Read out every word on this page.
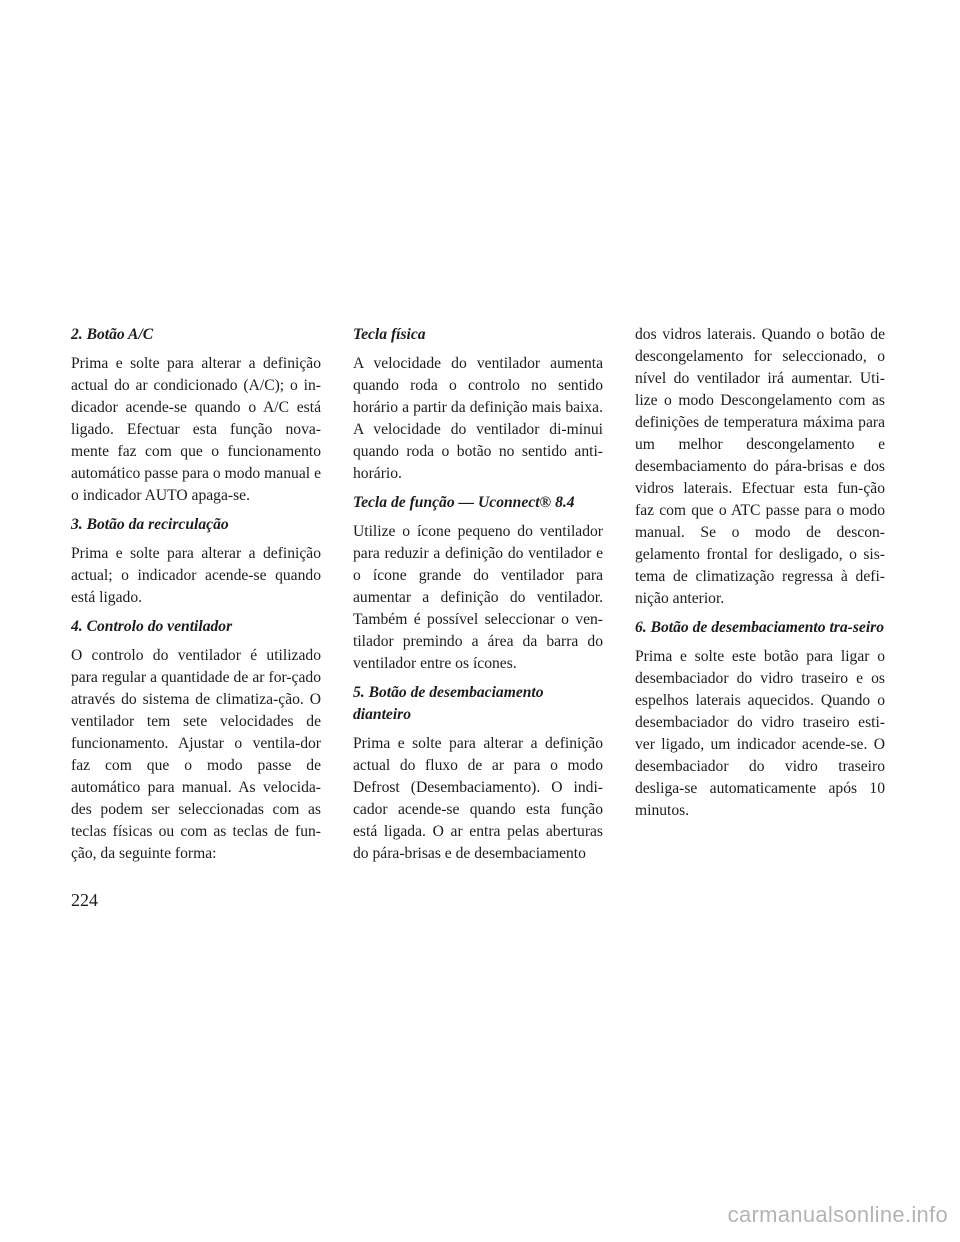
2. Botão A/C

Prima e solte para alterar a definição actual do ar condicionado (A/C); o in-dicador acende-se quando o A/C está ligado. Efectuar esta função nova-mente faz com que o funcionamento automático passe para o modo manual e o indicador AUTO apaga-se.

3. Botão da recirculação

Prima e solte para alterar a definição actual; o indicador acende-se quando está ligado.

4. Controlo do ventilador

O controlo do ventilador é utilizado para regular a quantidade de ar for-çado através do sistema de climatiza-ção. O ventilador tem sete velocidades de funcionamento. Ajustar o ventila-dor faz com que o modo passe de automático para manual. As velocida-des podem ser seleccionadas com as teclas físicas ou com as teclas de fun-ção, da seguinte forma:

Tecla física

A velocidade do ventilador aumenta quando roda o controlo no sentido horário a partir da definição mais baixa. A velocidade do ventilador di-minui quando roda o botão no sentido anti-horário.

Tecla de função — Uconnect® 8.4

Utilize o ícone pequeno do ventilador para reduzir a definição do ventilador e o ícone grande do ventilador para aumentar a definição do ventilador. Também é possível seleccionar o ven-tilador premindo a área da barra do ventilador entre os ícones.

5. Botão de desembaciamento dianteiro

Prima e solte para alterar a definição actual do fluxo de ar para o modo Defrost (Desembaciamento). O indi-cador acende-se quando esta função está ligada. O ar entra pelas aberturas do pára-brisas e de desembaciamento

dos vidros laterais. Quando o botão de descongelamento for seleccionado, o nível do ventilador irá aumentar. Uti-lize o modo Descongelamento com as definições de temperatura máxima para um melhor descongelamento e desembaciamento do pára-brisas e dos vidros laterais. Efectuar esta fun-ção faz com que o ATC passe para o modo manual. Se o modo de descon-gelamento frontal for desligado, o sis-tema de climatização regressa à defi-nição anterior.

6. Botão de desembaciamento tra-seiro

Prima e solte este botão para ligar o desembaciador do vidro traseiro e os espelhos laterais aquecidos. Quando o desembaciador do vidro traseiro esti-ver ligado, um indicador acende-se. O desembaciador do vidro traseiro desliga-se automaticamente após 10 minutos.

224
carmanualsonline.info
